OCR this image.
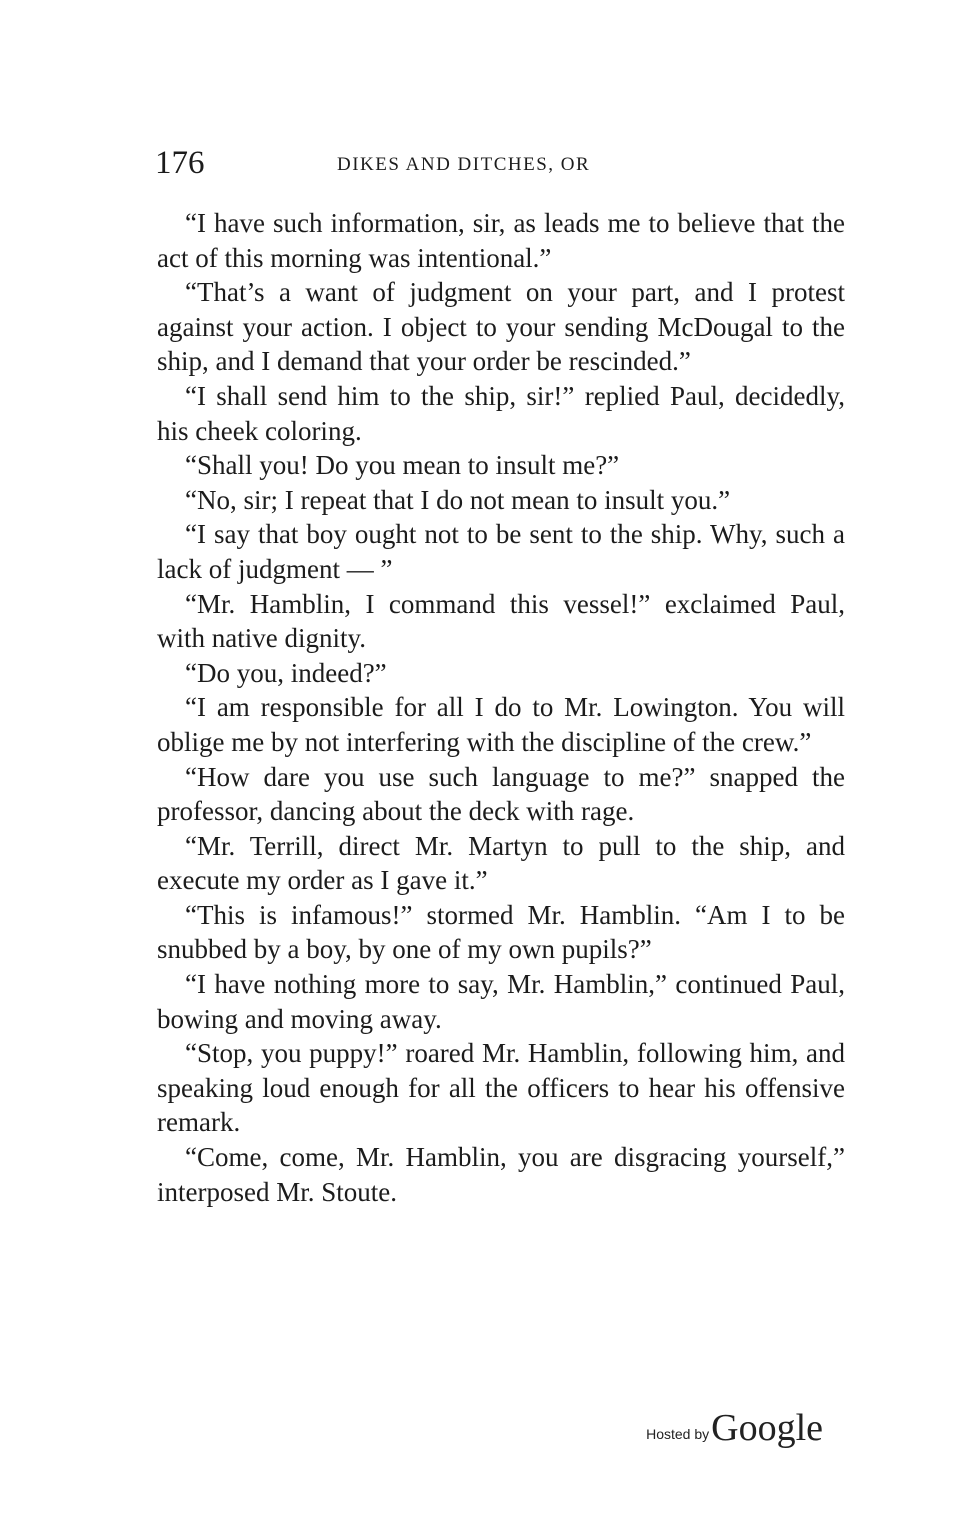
176	DIKES AND DITCHES, OR

“I have such information, sir, as leads me to believe that the act of this morning was intentional.”

“That’s a want of judgment on your part, and I protest against your action. I object to your sending McDougal to the ship, and I demand that your order be rescinded.”

“I shall send him to the ship, sir!” replied Paul, decidedly, his cheek coloring.

“Shall you! Do you mean to insult me?”

“No, sir; I repeat that I do not mean to insult you.”

“I say that boy ought not to be sent to the ship. Why, such a lack of judgment — ”

“Mr. Hamblin, I command this vessel!” exclaimed Paul, with native dignity.

“Do you, indeed?”

“I am responsible for all I do to Mr. Lowington. You will oblige me by not interfering with the discipline of the crew.”

“How dare you use such language to me?” snapped the professor, dancing about the deck with rage.

“Mr. Terrill, direct Mr. Martyn to pull to the ship, and execute my order as I gave it.”

“This is infamous!” stormed Mr. Hamblin. “Am I to be snubbed by a boy, by one of my own pupils?”

“I have nothing more to say, Mr. Hamblin,” continued Paul, bowing and moving away.

“Stop, you puppy!” roared Mr. Hamblin, following him, and speaking loud enough for all the officers to hear his offensive remark.

“Come, come, Mr. Hamblin, you are disgracing yourself,” interposed Mr. Stoute.

Hosted by Google
